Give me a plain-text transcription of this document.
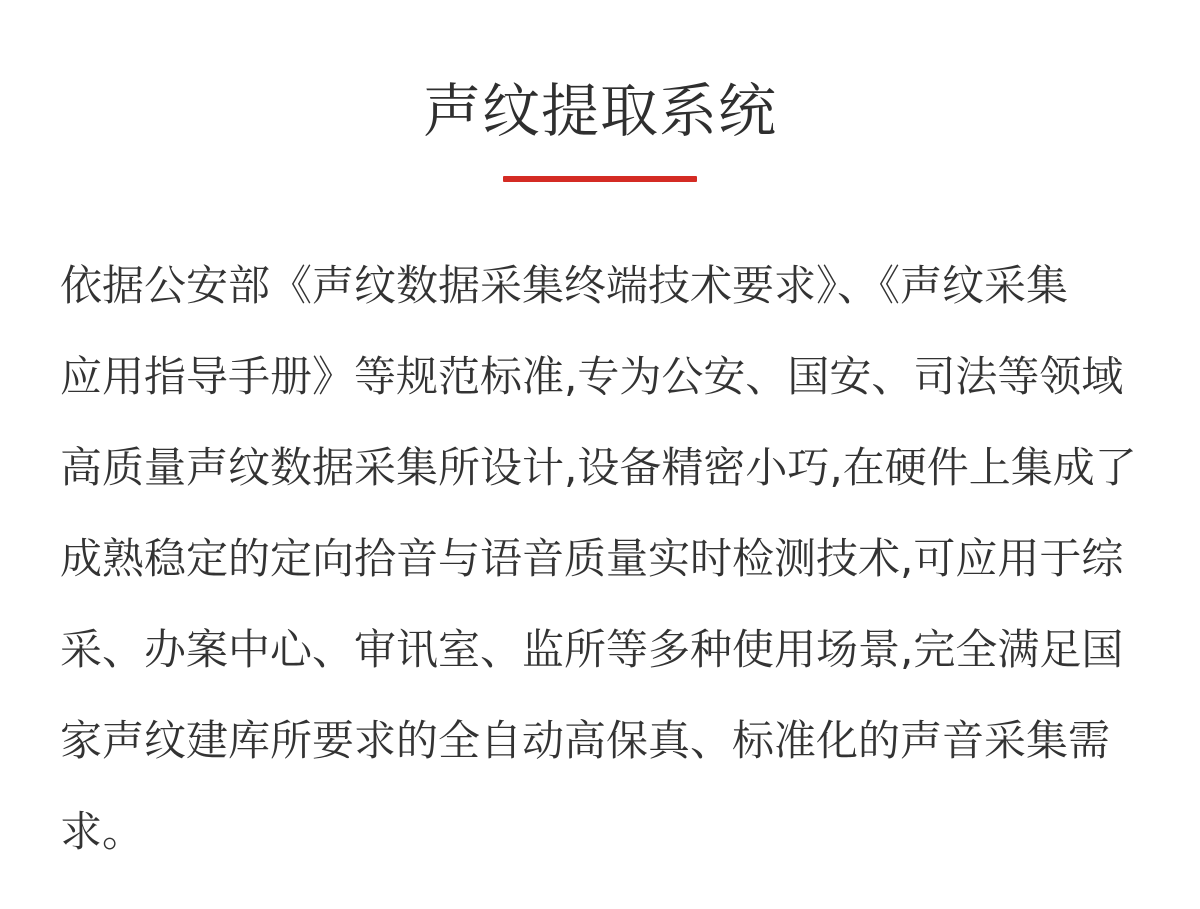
声纹提取系统
依据公安部《声纹数据采集终端技术要求》、《声纹采集
应用指导手册》等规范标准,专为公安、国安、司法等领域
高质量声纹数据采集所设计,设备精密小巧,在硬件上集成了
成熟稳定的定向拾音与语音质量实时检测技术,可应用于综
采、办案中心、审讯室、监所等多种使用场景,完全满足国
家声纹建库所要求的全自动高保真、标准化的声音采集需
求。
